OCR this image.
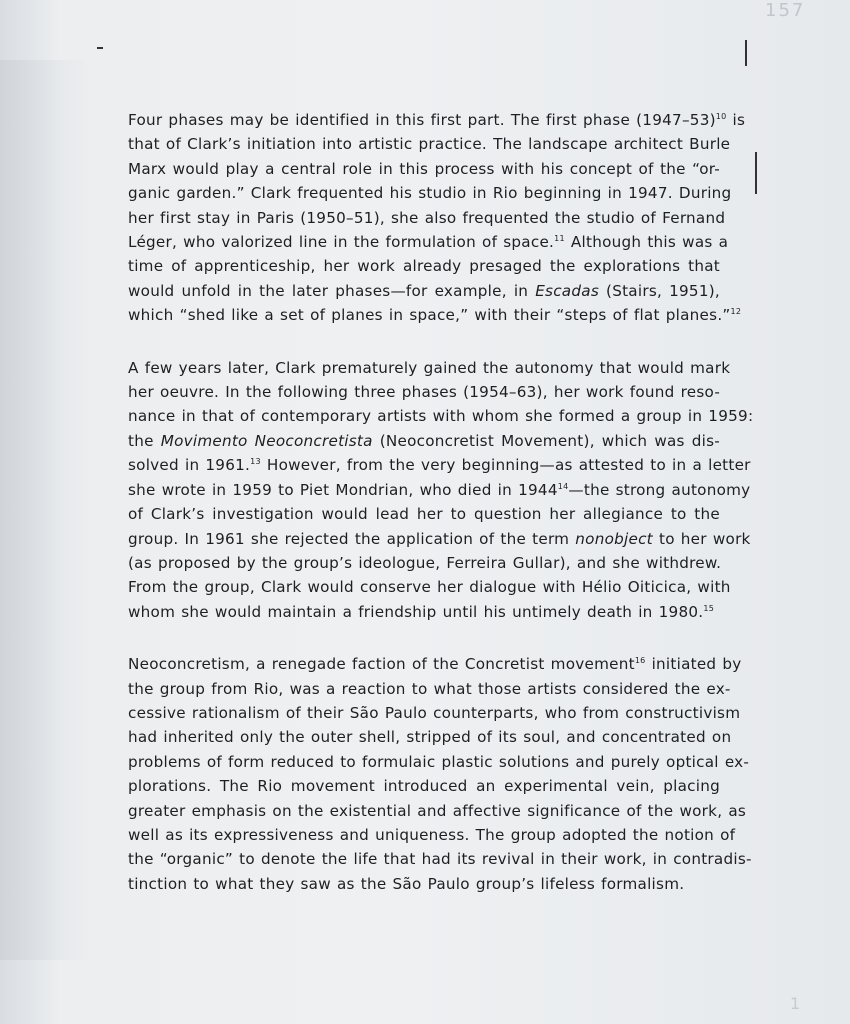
157
1

Four phases may be identified in this first part. The first phase (1947–53)$^{10}$ is
that of Clark’s initiation into artistic practice. The landscape architect Burle
Marx would play a central role in this process with his concept of the “or-
ganic garden.” Clark frequented his studio in Rio beginning in 1947. During
her first stay in Paris (1950–51), she also frequented the studio of Fernand
Léger, who valorized line in the formulation of space.$^{11}$ Although this was a
time of apprenticeship, her work already presaged the explorations that
would unfold in the later phases—for example, in Escadas (Stairs, 1951),
which “shed like a set of planes in space,” with their “steps of flat planes.”$^{12}$

A few years later, Clark prematurely gained the autonomy that would mark
her oeuvre. In the following three phases (1954–63), her work found reso-
nance in that of contemporary artists with whom she formed a group in 1959:
the Movimento Neoconcretista (Neoconcretist Movement), which was dis-
solved in 1961.13 However, from the very beginning—as attested to in a letter
she wrote in 1959 to Piet Mondrian, who died in 1944$^{14}$—the strong autonomy
of Clark’s investigation would lead her to question her allegiance to the
group. In 1961 she rejected the application of the term nonobject to her work
(as proposed by the group’s ideologue, Ferreira Gullar), and she withdrew.
From the group, Clark would conserve her dialogue with Hélio Oiticica, with
whom she would maintain a friendship until his untimely death in 1980.15

Neoconcretism, a renegade faction of the Concretist movement$^{16}$ initiated by
the group from Rio, was a reaction to what those artists considered the ex-
cessive rationalism of their São Paulo counterparts, who from constructivism
had inherited only the outer shell, stripped of its soul, and concentrated on
problems of form reduced to formulaic plastic solutions and purely optical ex-
plorations. The Rio movement introduced an experimental vein, placing
greater emphasis on the existential and affective significance of the work, as
well as its expressiveness and uniqueness. The group adopted the notion of
the “organic” to denote the life that had its revival in their work, in contradis-
tinction to what they saw as the São Paulo group’s lifeless formalism.
